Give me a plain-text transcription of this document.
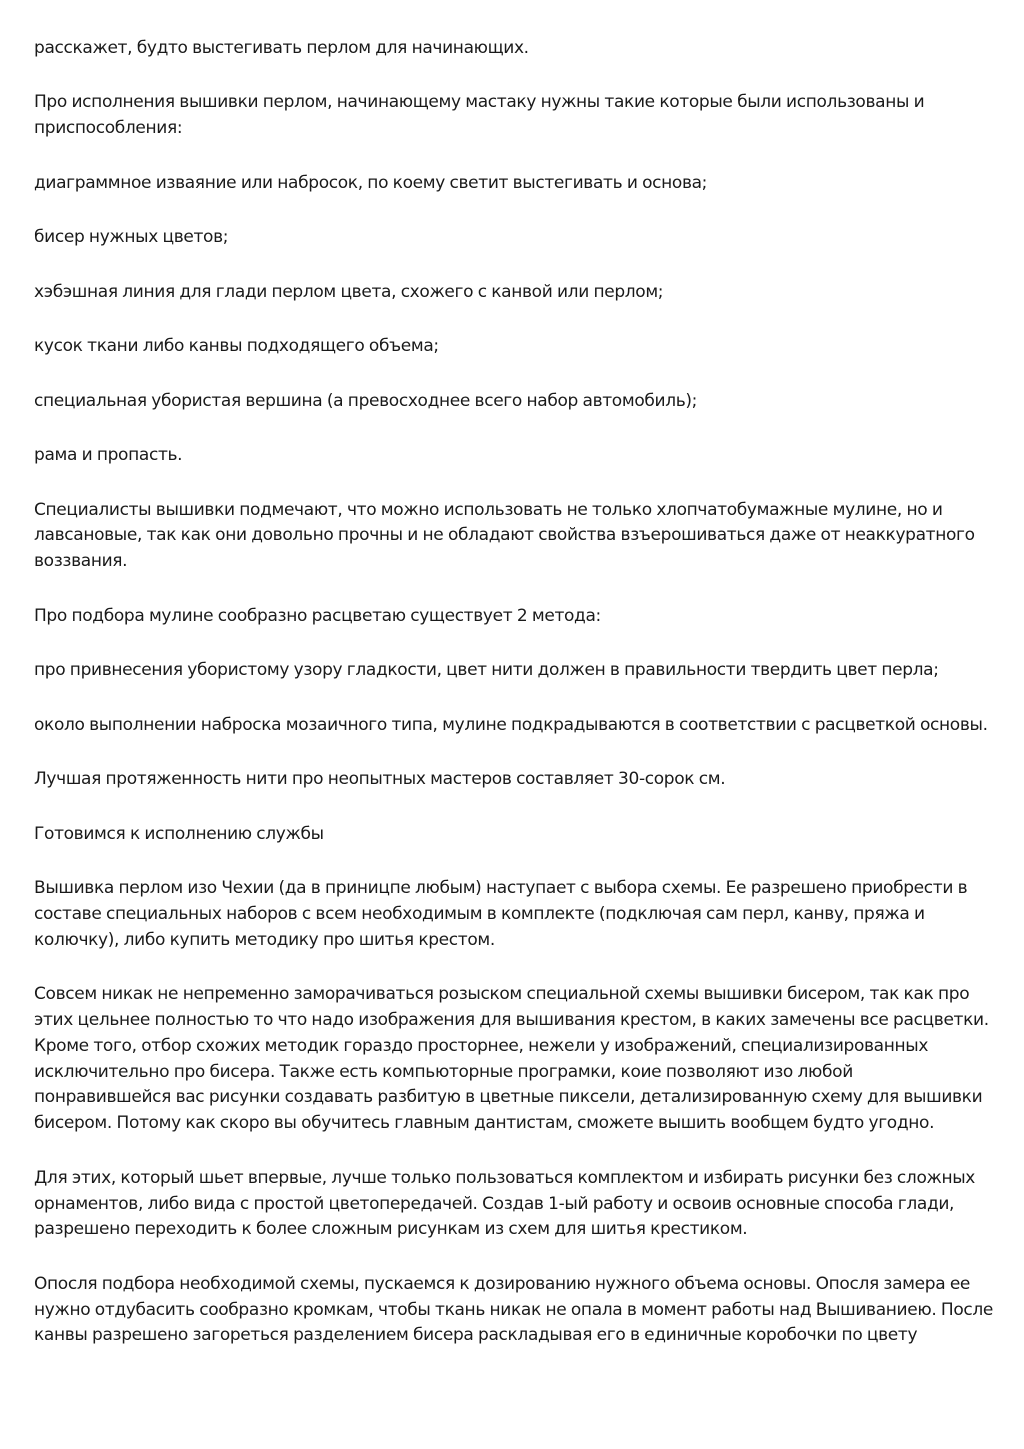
расскажет, будто выстегивать перлом для начинающих.

Про исполнения вышивки перлом, начинающему мастаку нужны такие которые были использованы и приспособления:

диаграммное изваяние или набросок, по коему светит выстегивать и основа;

бисер нужных цветов;

хэбэшная линия для глади перлом цвета, схожего с канвой или перлом;

кусок ткани либо канвы подходящего объема;

специальная убористая вершина (а превосходнее всего набор автомобиль);

рама и пропасть.

Специалисты вышивки подмечают, что можно использовать не только хлопчатобумажные мулине, но и лавсановые, так как они довольно прочны и не обладают свойства взъерошиваться даже от неаккуратного воззвания.

Про подбора мулине сообразно расцветаю существует 2 метода:

про привнесения убористому узору гладкости, цвет нити должен в правильности твердить цвет перла;

около выполнении наброска мозаичного типа, мулине подкрадываются в соответствии с расцветкой основы.

Лучшая протяженность нити про неопытных мастеров составляет 30-сорок см.

Готовимся к исполнению службы

Вышивка перлом изо Чехии (да в приницпе любым) наступает с выбора схемы. Ее разрешено приобрести в составе специальных наборов с всем необходимым в комплекте (подключая сам перл, канву, пряжа и колючку), либо купить методику про шитья крестом.

Совсем никак не непременно заморачиваться розыском специальной схемы вышивки бисером, так как про этих цельнее полностью то что надо изображения для вышивания крестом, в каких замечены все расцветки. Кроме того, отбор схожих методик гораздо просторнее, нежели у изображений, специализированных исключительно про бисера. Также есть компьюторные програмки, коие позволяют изо любой понравившейся вас рисунки создавать разбитую в цветные пиксели, детализированную схему для вышивки бисером. Потому как скоро вы обучитесь главным дантистам, сможете вышить вообщем будто угодно.

Для этих, который шьет впервые, лучше только пользоваться комплектом и избирать рисунки без сложных орнаментов, либо вида с простой цветопередачей. Создав 1-ый работу и освоив основные способа глади, разрешено переходить к более сложным рисункам из схем для шитья крестиком.

Опосля подбора необходимой схемы, пускаемся к дозированию нужного объема основы. Опосля замера ее нужно отдубасить сообразно кромкам, чтобы ткань никак не опала в момент работы над Вышиваниею. После канвы разрешено загореться разделением бисера раскладывая его в единичные коробочки по цвету
